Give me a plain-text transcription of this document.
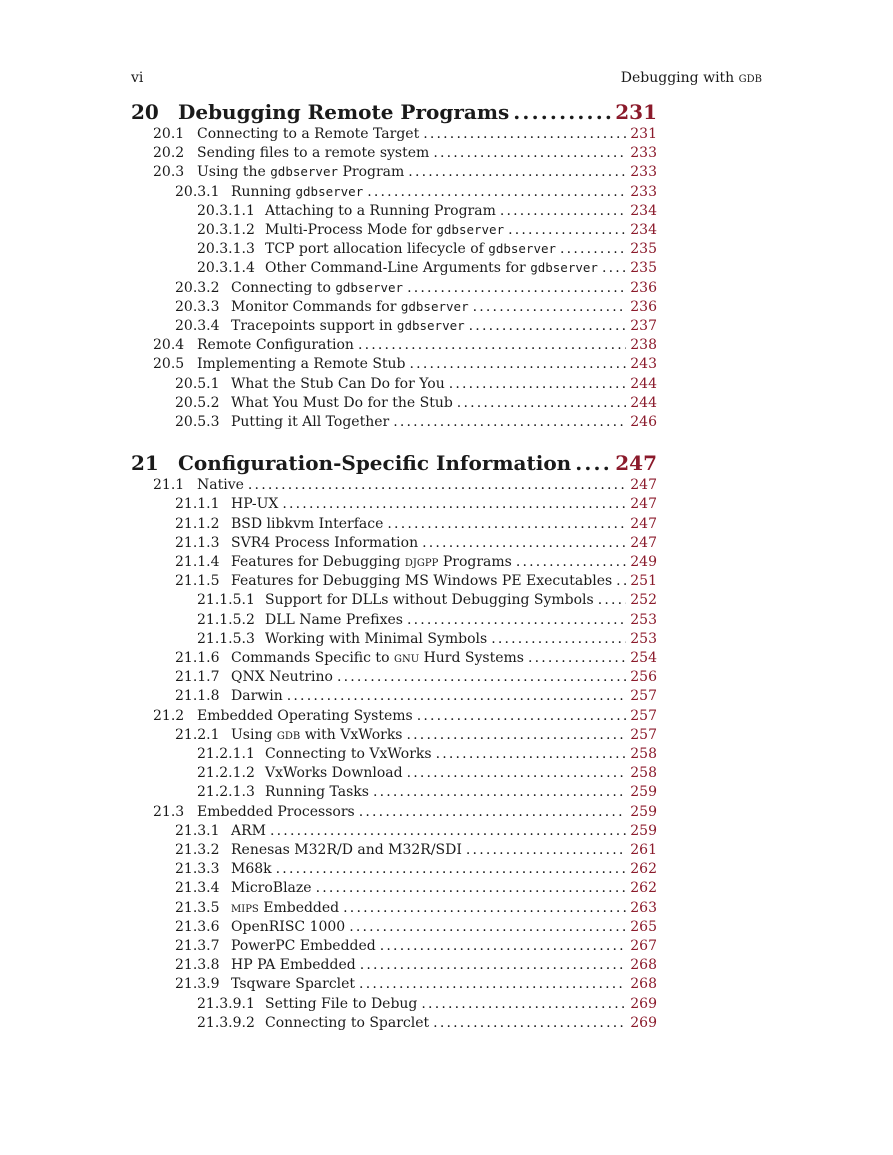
vi	Debugging with gdb
20 Debugging Remote Programs .....	231
20.1 Connecting to a Remote Target .....	231
20.2 Sending files to a remote system .....	233
20.3 Using the gdbserver Program .....	233
20.3.1 Running gdbserver .....	233
20.3.1.1 Attaching to a Running Program .....	234
20.3.1.2 Multi-Process Mode for gdbserver .....	234
20.3.1.3 TCP port allocation lifecycle of gdbserver .....	235
20.3.1.4 Other Command-Line Arguments for gdbserver ..... 235
20.3.2 Connecting to gdbserver .....	236
20.3.3 Monitor Commands for gdbserver .....	236
20.3.4 Tracepoints support in gdbserver .....	237
20.4 Remote Configuration .....	238
20.5 Implementing a Remote Stub .....	243
20.5.1 What the Stub Can Do for You .....	244
20.5.2 What You Must Do for the Stub .....	244
20.5.3 Putting it All Together .....	246
21 Configuration-Specific Information ..... 247
21.1 Native .....	247
21.1.1 HP-UX .....	247
21.1.2 BSD libkvm Interface .....	247
21.1.3 SVR4 Process Information .....	247
21.1.4 Features for Debugging djgpp Programs .....	249
21.1.5 Features for Debugging MS Windows PE Executables ..... 251
21.1.5.1 Support for DLLs without Debugging Symbols .....	252
21.1.5.2 DLL Name Prefixes .....	253
21.1.5.3 Working with Minimal Symbols .....	253
21.1.6 Commands Specific to gnu Hurd Systems .....	254
21.1.7 QNX Neutrino .....	256
21.1.8 Darwin .....	257
21.2 Embedded Operating Systems .....	257
21.2.1 Using gdb with VxWorks .....	257
21.2.1.1 Connecting to VxWorks .....	258
21.2.1.2 VxWorks Download .....	258
21.2.1.3 Running Tasks .....	259
21.3 Embedded Processors .....	259
21.3.1 ARM .....	259
21.3.2 Renesas M32R/D and M32R/SDI .....	261
21.3.3 M68k .....	262
21.3.4 MicroBlaze .....	262
21.3.5 mips Embedded .....	263
21.3.6 OpenRISC 1000 .....	265
21.3.7 PowerPC Embedded .....	267
21.3.8 HP PA Embedded .....	268
21.3.9 Tsqware Sparclet .....	268
21.3.9.1 Setting File to Debug .....	269
21.3.9.2 Connecting to Sparclet .....	269
